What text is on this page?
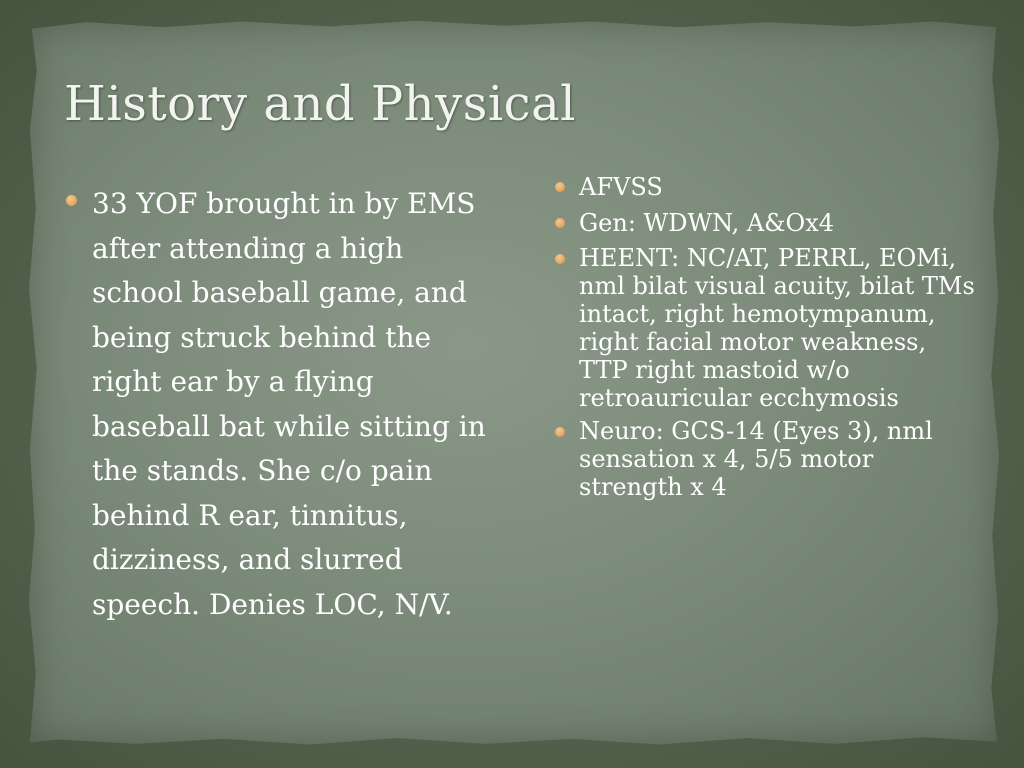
History and Physical
33 YOF brought in by EMS after attending a high school baseball game, and being struck behind the right ear by a flying baseball bat while sitting in the stands. She c/o pain behind R ear, tinnitus, dizziness, and slurred speech. Denies LOC, N/V.
AFVSS
Gen: WDWN, A&Ox4
HEENT: NC/AT, PERRL, EOMi, nml bilat visual acuity, bilat TMs intact, right hemotympanum, right facial motor weakness, TTP right mastoid w/o retroauricular ecchymosis
Neuro: GCS-14 (Eyes 3), nml sensation x 4, 5/5 motor strength x 4
